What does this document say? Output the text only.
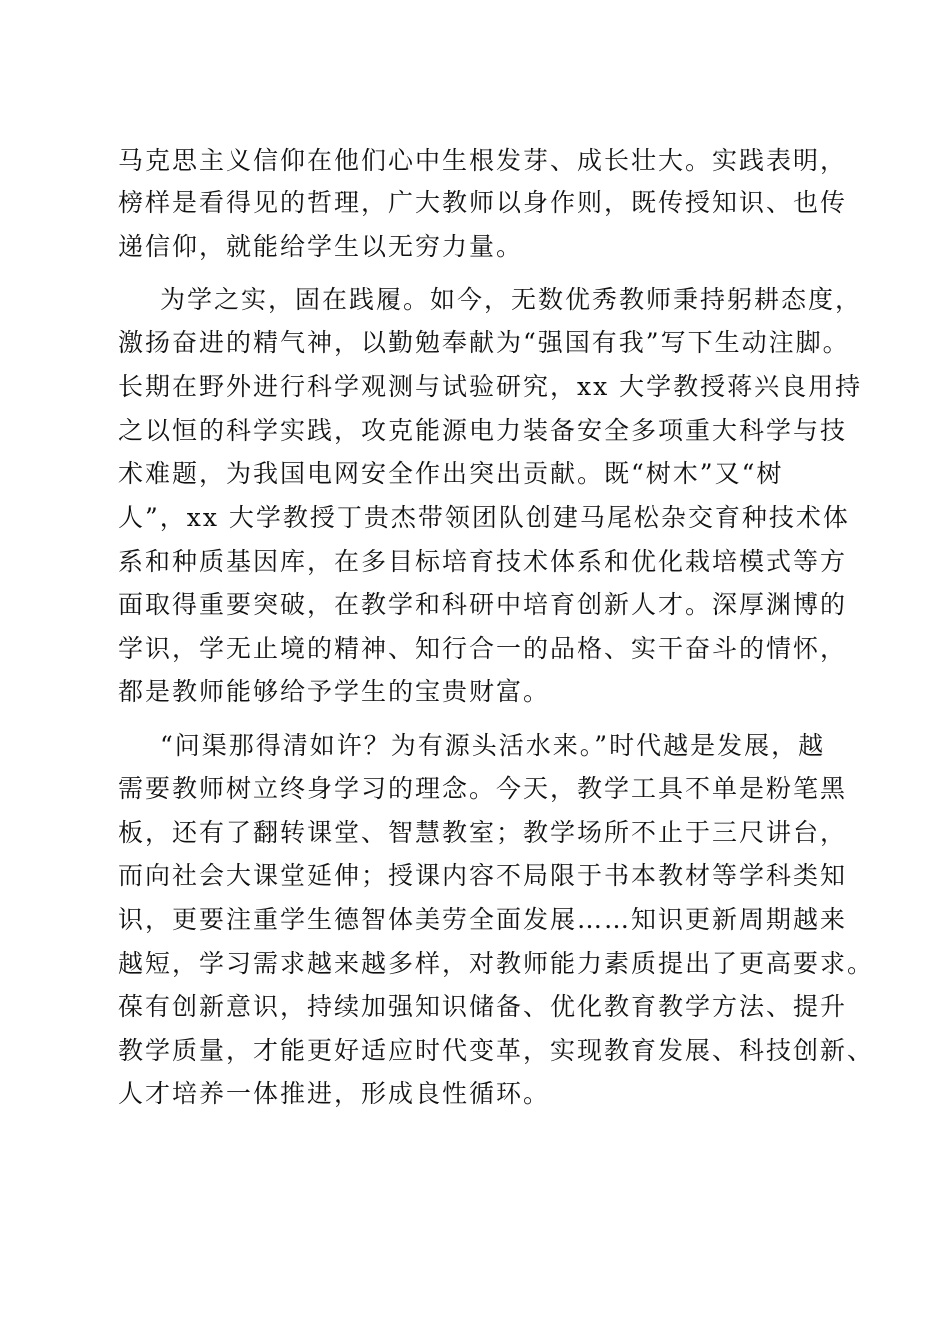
马克思主义信仰在他们心中生根发芽、成长壮大。实践表明，
榜样是看得见的哲理，广大教师以身作则，既传授知识、也传
递信仰，就能给学生以无穷力量。
为学之实，固在践履。如今，无数优秀教师秉持躬耕态度，
激扬奋进的精气神，以勤勉奉献为“强国有我”写下生动注脚。
长期在野外进行科学观测与试验研究，xx 大学教授蒋兴良用持
之以恒的科学实践，攻克能源电力装备安全多项重大科学与技
术难题，为我国电网安全作出突出贡献。既“树木”又“树
人”，xx 大学教授丁贵杰带领团队创建马尾松杂交育种技术体
系和种质基因库，在多目标培育技术体系和优化栽培模式等方
面取得重要突破，在教学和科研中培育创新人才。深厚渊博的
学识，学无止境的精神、知行合一的品格、实干奋斗的情怀，
都是教师能够给予学生的宝贵财富。
“问渠那得清如许？为有源头活水来。”时代越是发展，越
需要教师树立终身学习的理念。今天，教学工具不单是粉笔黑
板，还有了翻转课堂、智慧教室；教学场所不止于三尺讲台，
而向社会大课堂延伸；授课内容不局限于书本教材等学科类知
识，更要注重学生德智体美劳全面发展……知识更新周期越来
越短，学习需求越来越多样，对教师能力素质提出了更高要求。
葆有创新意识，持续加强知识储备、优化教育教学方法、提升
教学质量，才能更好适应时代变革，实现教育发展、科技创新、
人才培养一体推进，形成良性循环。
